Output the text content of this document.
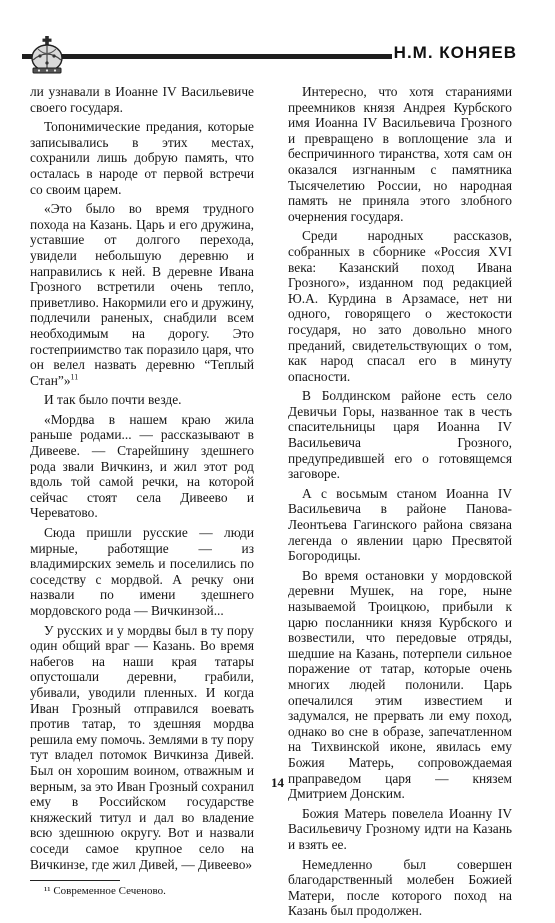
Н.М. КОНЯЕВ

ли узнавали в Иоанне IV Васильевиче своего государя.

Топонимические предания, которые записывались в этих местах, сохранили лишь добрую память, что осталась в народе от первой встречи со своим царем.

«Это было во время трудного похода на Казань. Царь и его дружина, уставшие от долгого перехода, увидели небольшую деревню и направились к ней. В деревне Ивана Грозного встретили очень тепло, приветливо. Накормили его и дружину, подлечили раненых, снабдили всем необходимым на дорогу. Это гостеприимство так поразило царя, что он велел назвать деревню “Теплый Стан”»$^{11}$

И так было почти везде.

«Мордва в нашем краю жила раньше родами... — рассказывают в Дивееве. — Старейшину здешнего рода звали Вичкинз, и жил этот род вдоль той самой речки, на которой сейчас стоят села Дивеево и Череватово.

Сюда пришли русские — люди мирные, работящие — из владимирских земель и поселились по соседству с мордвой. А речку они назвали по имени здешнего мордовского рода — Вичкинзой...

У русских и у мордвы был в ту пору один общий враг — Казань. Во время набегов на наши края татары опустошали деревни, грабили, убивали, уводили пленных. И когда Иван Грозный отправился воевать против татар, то здешняя мордва решила ему помочь. Землями в ту пору тут владел потомок Вичкинза Дивей. Был он хорошим воином, отважным и верным, за это Иван Грозный сохранил ему в Российском государстве княжеский титул и дал во владение всю здешнюю округу. Вот и назвали соседи самое крупное село на Вичкинзе, где жил Дивей, — Дивеево»

¹¹ Современное Сеченово.

Интересно, что хотя стараниями преемников князя Андрея Курбского имя Иоанна IV Васильевича Грозного и превращено в воплощение зла и беспричинного тиранства, хотя сам он оказался изгнанным с памятника Тысячелетию России, но народная память не приняла этого злобного очернения государя.

Среди народных рассказов, собранных в сборнике «Россия XVI века: Казанский поход Ивана Грозного», изданном под редакцией Ю.А. Курдина в Арзамасе, нет ни одного, говорящего о жестокости государя, но зато довольно много преданий, свидетельствующих о том, как народ спасал его в минуту опасности.

В Болдинском районе есть село Девичьи Горы, названное так в честь спасительницы царя Иоанна IV Васильевича Грозного, предупредившей его о готовящемся заговоре.

А с восьмым станом Иоанна IV Васильевича в районе Панова-Леонтьева Гагинского района связана легенда о явлении царю Пресвятой Богородицы.

Во время остановки у мордовской деревни Мушек, на горе, ныне называемой Троицкою, прибыли к царю посланники князя Курбского и возвестили, что передовые отряды, шедшие на Казань, потерпели сильное поражение от татар, которые очень многих людей полонили. Царь опечалился этим известием и задумался, не прервать ли ему поход, однако во сне в образе, запечатленном на Тихвинской иконе, явилась ему Божия Матерь, сопровождаемая праправедом царя — князем Дмитрием Донским.

Божия Матерь повелела Иоанну IV Васильевичу Грозному идти на Казань и взять ее.

Немедленно был совершен благодарственный молебен Божией Матери, после которого поход на Казань был продолжен.

14
